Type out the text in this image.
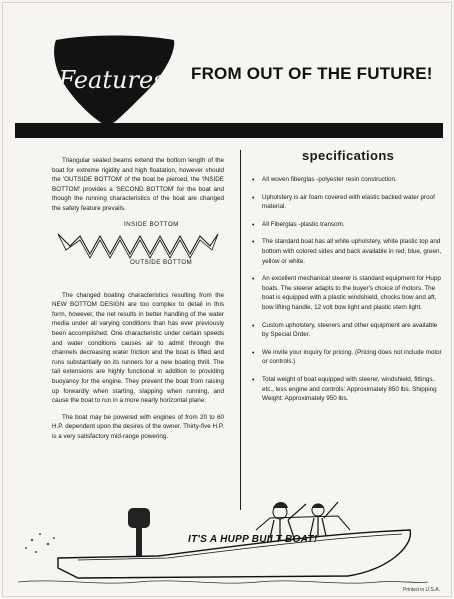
Features FROM OUT OF THE FUTURE!

Triangular sealed beams extend the bottom length of the boat for extreme rigidity and high floatation, however should the 'OUTSIDE BOTTOM' of the boat be pierced, the 'INSIDE BOTTOM' provides a 'SECOND BOTTOM' for the boat and though the running characteristics of the boat are changed the safety feature prevails.

INSIDE BOTTOM
OUTSIDE BOTTOM

The changed boating characteristics resulting from the NEW BOTTOM DESIGN are too complex to detail in this form, however, the net results in better handling of the water media under all varying conditions than has ever previously been accomplished. One characteristic under certain speeds and water conditions causes air to admit through the channels decreasing water friction and the boat is lifted and runs substantially on its runners for a new boating thrill. The tail extensions are highly functional in addition to providing buoyancy for the engine. They prevent the boat from raising up forwardly when starting, slapping when running, and cause the boat to run in a more nearly horizontal plane.

The boat may be powered with engines of from 20 to 60 H.P. dependent upon the desires of the owner. Thirty-five H.P. is a very satisfactory mid-range powering.

specifications
• All woven fiberglas -polyester resin construction.
• Upholstery is air foam covered with elastic backed water proof material.
• All Fiberglas -plastic transom.
• The standard boat has all white upholstery, white plastic top and bottom with colored sides and back available in red, blue, green, yellow or white.
• An excellent mechanical steerer is standard equipment for Hupp boats. The steerer adapts to the buyer's choice of motors. The boat is equipped with a plastic windshield, chocks bow and aft, bow lifting handle, 12 volt bow light and plastic stern light.
• Custom upholstery, steerers and other equipment are available by Special Order.
• We invite your inquiry for pricing. (Pricing does not include motor or controls.)
• Total weight of boat equipped with steerer, windshield, fittings, etc., less engine and controls: Approximately 850 lbs. Shipping Weight: Approximately 950 lbs.
IT'S A HUPP BUILT BOAT!
Printed in U.S.A.
